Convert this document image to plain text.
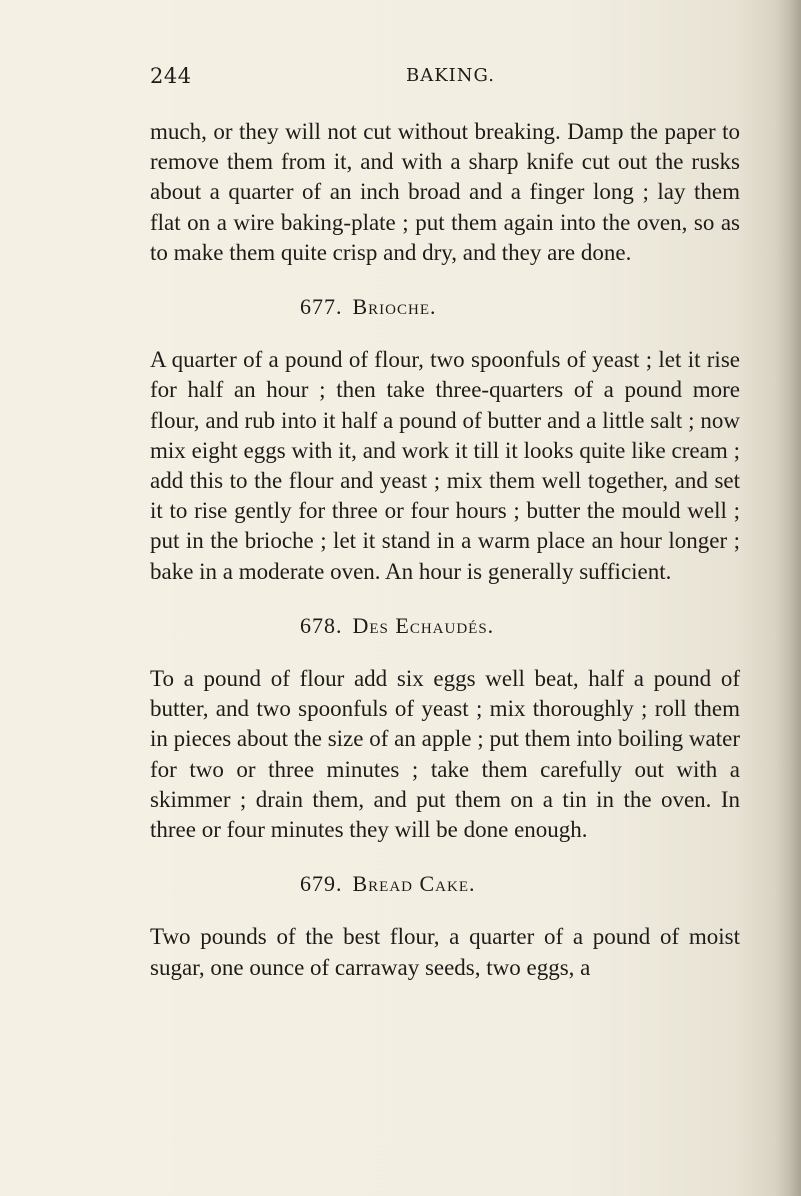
244	BAKING.

much, or they will not cut without breaking. Damp the paper to remove them from it, and with a sharp knife cut out the rusks about a quarter of an inch broad and a finger long ; lay them flat on a wire baking-plate ; put them again into the oven, so as to make them quite crisp and dry, and they are done.

677. Brioche.

A quarter of a pound of flour, two spoonfuls of yeast ; let it rise for half an hour ; then take three-quarters of a pound more flour, and rub into it half a pound of butter and a little salt ; now mix eight eggs with it, and work it till it looks quite like cream ; add this to the flour and yeast ; mix them well together, and set it to rise gently for three or four hours ; butter the mould well ; put in the brioche ; let it stand in a warm place an hour longer ; bake in a moderate oven. An hour is generally sufficient.

678. Des Echaudés.

To a pound of flour add six eggs well beat, half a pound of butter, and two spoonfuls of yeast ; mix thoroughly ; roll them in pieces about the size of an apple ; put them into boiling water for two or three minutes ; take them carefully out with a skimmer ; drain them, and put them on a tin in the oven. In three or four minutes they will be done enough.

679. Bread Cake.

Two pounds of the best flour, a quarter of a pound of moist sugar, one ounce of carraway seeds, two eggs, a
